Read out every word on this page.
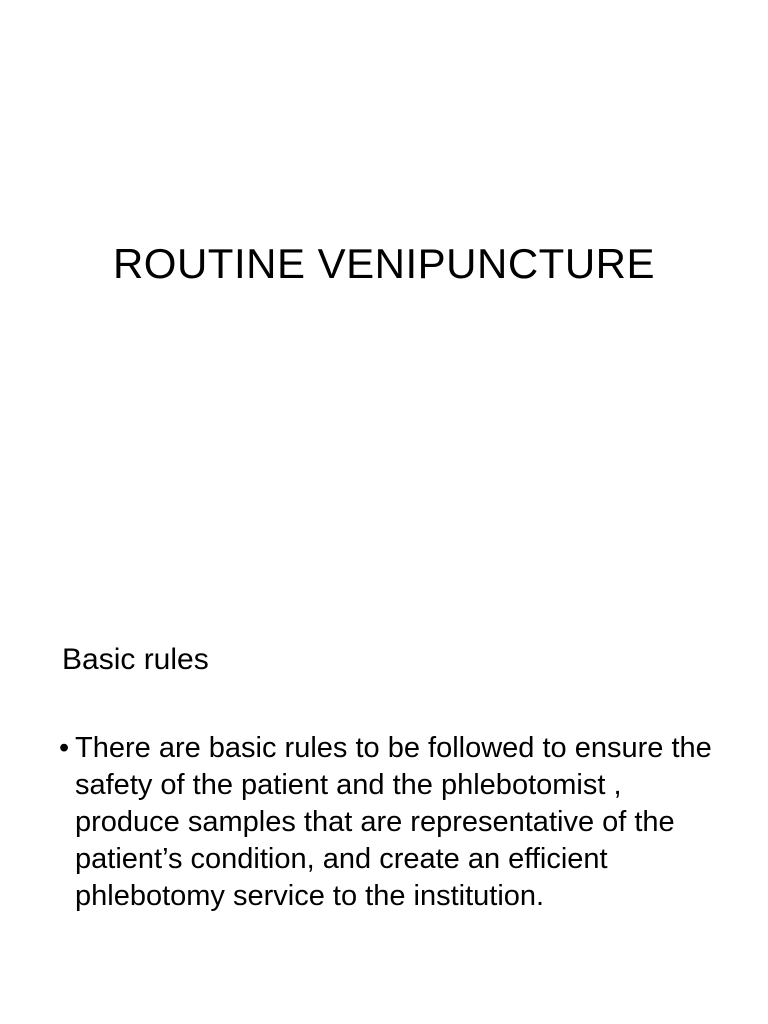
ROUTINE VENIPUNCTURE
Basic rules
• There are basic rules to be followed to ensure the safety of the patient and the phlebotomist , produce samples that are representative of the patient’s condition, and create an efficient phlebotomy service to the institution.
